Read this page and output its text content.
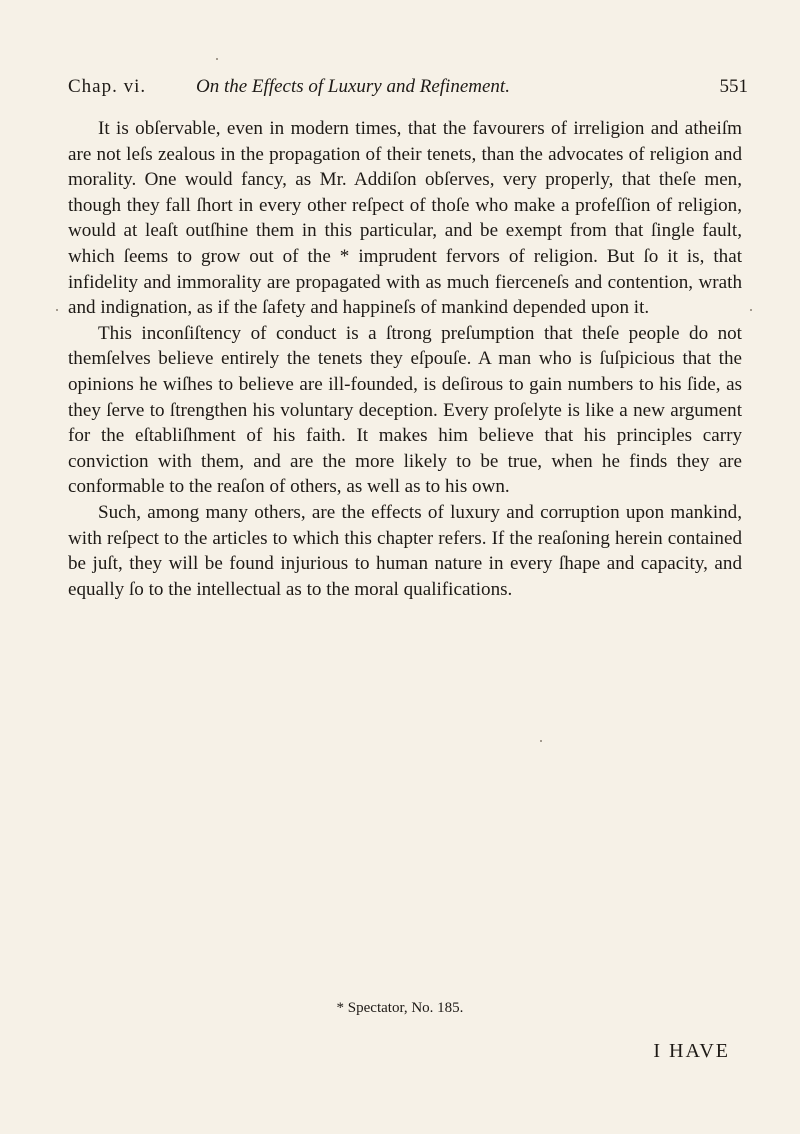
Chap. vi.	On the Effects of Luxury and Refinement.	551

It is obſervable, even in modern times, that the favourers of irreligion and atheiſm are not leſs zealous in the propagation of their tenets, than the advocates of religion and morality. One would fancy, as Mr. Addiſon obſerves, very properly, that theſe men, though they fall ſhort in every other reſpect of thoſe who make a profeſſion of religion, would at leaſt outſhine them in this particular, and be exempt from that ſingle fault, which ſeems to grow out of the * imprudent fervors of religion. But ſo it is, that infidelity and immorality are propagated with as much fierceneſs and contention, wrath and indignation, as if the ſafety and happineſs of mankind depended upon it.

This inconſiſtency of conduct is a ſtrong preſumption that theſe people do not themſelves believe entirely the tenets they eſpouſe. A man who is ſuſpicious that the opinions he wiſhes to believe are ill-founded, is deſirous to gain numbers to his ſide, as they ſerve to ſtrengthen his voluntary deception. Every proſelyte is like a new argument for the eſtabliſhment of his faith. It makes him believe that his principles carry conviction with them, and are the more likely to be true, when he finds they are conformable to the reaſon of others, as well as to his own.

Such, among many others, are the effects of luxury and corruption upon mankind, with reſpect to the articles to which this chapter refers. If the reaſoning herein contained be juſt, they will be found injurious to human nature in every ſhape and capacity, and equally ſo to the intellectual as to the moral qualifications.

* Spectator, No. 185.
I HAVE
